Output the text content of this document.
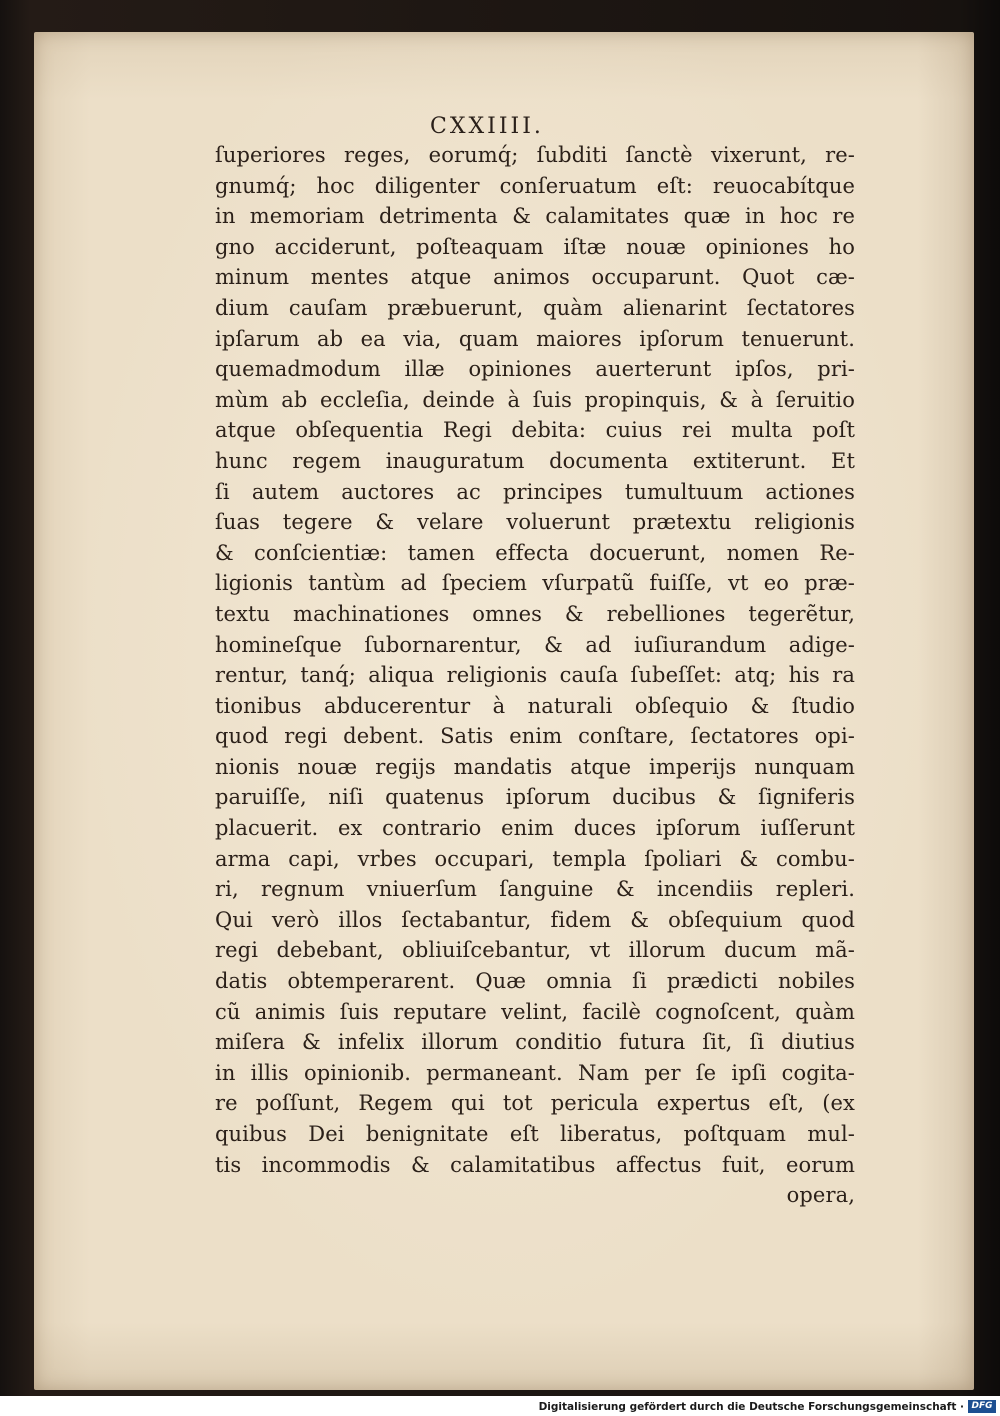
CXXIIII.
ſuperiores reges, eorumq́; ſubditi ſanctè vixerunt, re-
gnumq́; hoc diligenter conſeruatum eſt: reuocabítque
in memoriam detrimenta & calamitates quæ in hoc re
gno acciderunt, poſteaquam iſtæ nouæ opiniones ho
minum mentes atque animos occuparunt. Quot cæ-
dium cauſam præbuerunt, quàm alienarint ſectatores
ipſarum ab ea via, quam maiores ipſorum tenuerunt.
quemadmodum illæ opiniones auerterunt ipſos, pri-
mùm ab eccleſia, deinde à ſuis propinquis, & à ſeruitio
atque obſequentia Regi debita: cuius rei multa poſt
hunc regem inauguratum documenta extiterunt. Et
ſi autem auctores ac principes tumultuum actiones
ſuas tegere & velare voluerunt prætextu religionis
& conſcientiæ: tamen effecta docuerunt, nomen Re-
ligionis tantùm ad ſpeciem vſurpatũ fuiſſe, vt eo præ-
textu machinationes omnes & rebelliones tegerẽtur,
homineſque ſubornarentur, & ad iuſiurandum adige-
rentur, tanq́; aliqua religionis cauſa ſubeſſet: atq; his ra
tionibus abducerentur à naturali obſequio & ſtudio
quod regi debent. Satis enim conſtare, ſectatores opi-
nionis nouæ regijs mandatis atque imperijs nunquam
paruiſſe, niſi quatenus ipſorum ducibus & ſigniferis
placuerit. ex contrario enim duces ipſorum iuſſerunt
arma capi, vrbes occupari, templa ſpoliari & combu-
ri, regnum vniuerſum ſanguine & incendiis repleri.
Qui verò illos ſectabantur, fidem & obſequium quod
regi debebant, obliuiſcebantur, vt illorum ducum mã-
datis obtemperarent. Quæ omnia ſi prædicti nobiles
cũ animis ſuis reputare velint, facilè cognoſcent, quàm
miſera & infelix illorum conditio futura ſit, ſi diutius
in illis opinionib. permaneant. Nam per ſe ipſi cogita-
re poſſunt, Regem qui tot pericula expertus eſt, (ex
quibus Dei benignitate eſt liberatus, poſtquam mul-
tis incommodis & calamitatibus affectus fuit, eorum
opera,
Digitalisierung gefördert durch die Deutsche Forschungsgemeinschaft · DFG
